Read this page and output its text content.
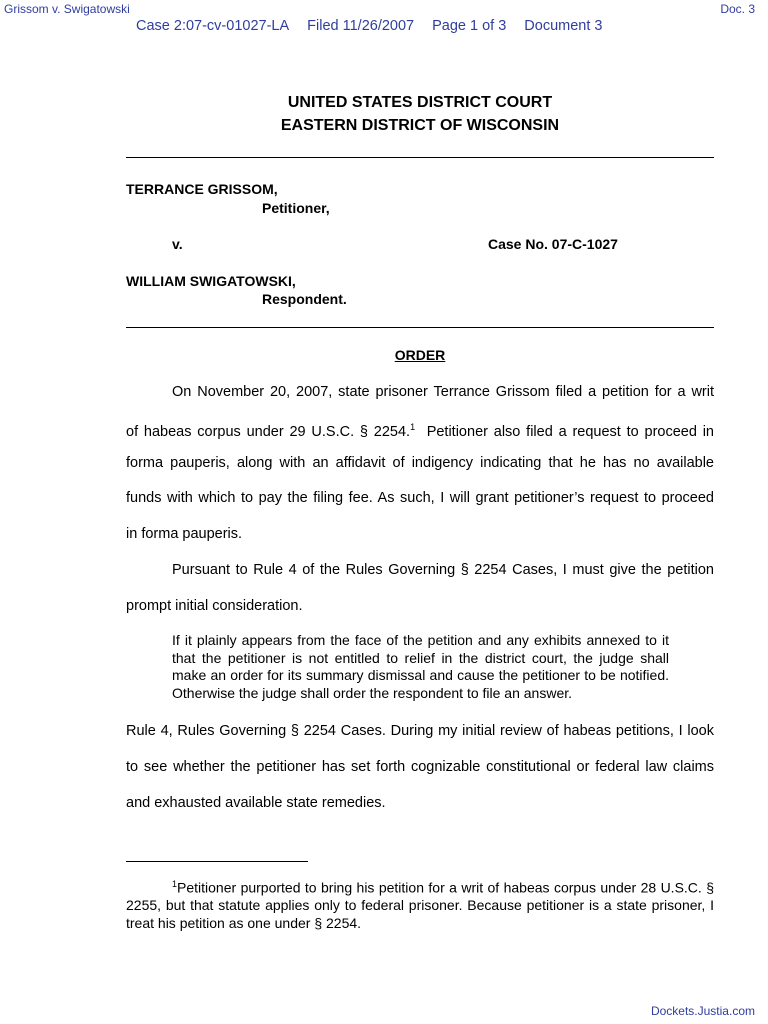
Grissom v. Swigatowski	Doc. 3
Case 2:07-cv-01027-LA Filed 11/26/2007 Page 1 of 3 Document 3
UNITED STATES DISTRICT COURT
EASTERN DISTRICT OF WISCONSIN
TERRANCE GRISSOM,
Petitioner,
v.	Case No. 07-C-1027
WILLIAM SWIGATOWSKI,
Respondent.
ORDER
On November 20, 2007, state prisoner Terrance Grissom filed a petition for a writ
of habeas corpus under 29 U.S.C. § 2254.$^1$  Petitioner also filed a request to proceed in
forma pauperis, along with an affidavit of indigency indicating that he has no available
funds with which to pay the filing fee. As such, I will grant petitioner’s request to proceed
in forma pauperis.
Pursuant to Rule 4 of the Rules Governing § 2254 Cases, I must give the petition
prompt initial consideration.
If it plainly appears from the face of the petition and any exhibits annexed to it that the petitioner is not entitled to relief in the district court, the judge shall make an order for its summary dismissal and cause the petitioner to be notified. Otherwise the judge shall order the respondent to file an answer.
Rule 4, Rules Governing § 2254 Cases. During my initial review of habeas petitions, I look
to see whether the petitioner has set forth cognizable constitutional or federal law claims
and exhausted available state remedies.
$^1$Petitioner purported to bring his petition for a writ of habeas corpus under 28 U.S.C. § 2255, but that statute applies only to federal prisoner. Because petitioner is a state prisoner, I treat his petition as one under § 2254.
Dockets.Justia.com
